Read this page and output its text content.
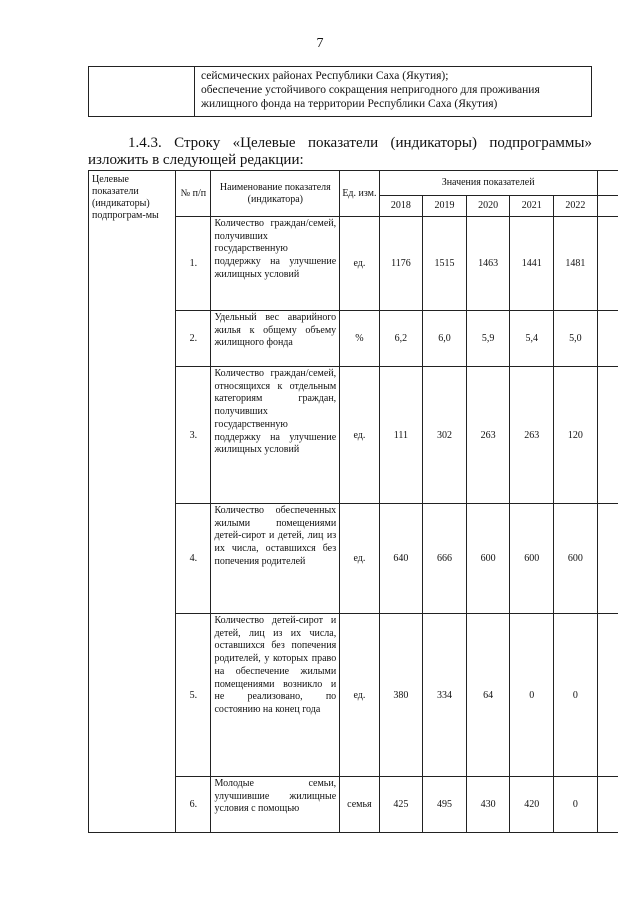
7

сейсмических районах Республики Саха (Якутия);
обеспечение устойчивого сокращения непригодного для проживания
жилищного фонда на территории Республики Саха (Якутия)
1.4.3. Строку «Целевые показатели (индикаторы) подпрограммы»
изложить в следующей редакции:
Целевые показатели (индикаторы) подпрограм-мы	№ п/п	Наименование показателя (индикатора)	Ед. изм.	Значения показателей					
				2018	2019	2020	2021	2022	
	1.	Количество граждан/семей, получивших государственную поддержку на улучшение жилищных условий	ед.	1176	1515	1463	1441	1481	
	2.	Удельный вес аварийного жилья к общему объему жилищного фонда	%	6,2	6,0	5,9	5,4	5,0	
	3.	Количество граждан/семей, относящихся к отдельным категориям граждан, получивших государственную поддержку на улучшение жилищных условий	ед.	111	302	263	263	120	
	4.	Количество обеспеченных жилыми помещениями детей-сирот и детей, лиц из их числа, оставшихся без попечения родителей	ед.	640	666	600	600	600	
	5.	Количество детей-сирот и детей, лиц из их числа, оставшихся без попечения родителей, у которых право на обеспечение жилыми помещениями возникло и не реализовано, по состоянию на конец года	ед.	380	334	64	0	0	
	6.	Молодые семьи, улучшившие жилищные условия с помощью	семья	425	495	430	420	0	
